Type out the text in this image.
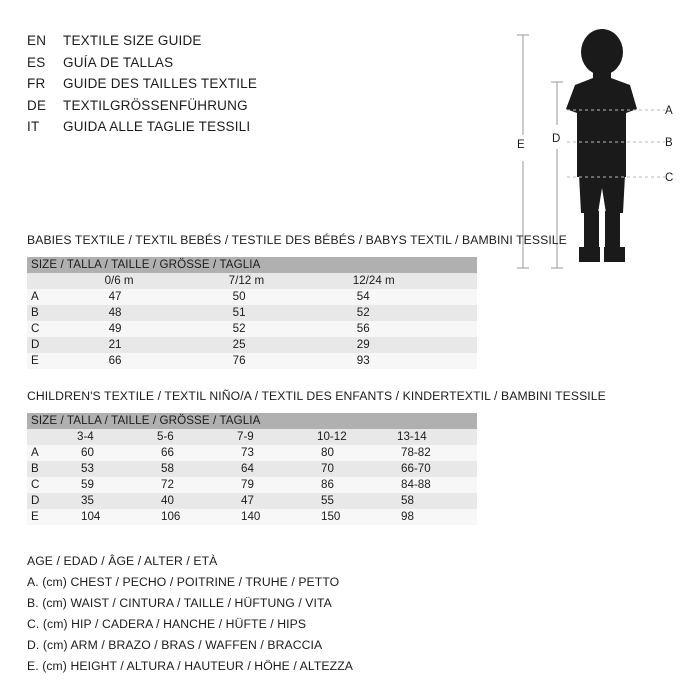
EN	TEXTILE SIZE GUIDE
ES	GUÍA DE TALLAS
FR	GUIDE DES TAILLES TEXTILE
DE	TEXTILGRÖSSENFÜHRUNG
IT	GUIDA ALLE TAGLIE TESSILI
A
B
C
D
E
BABIES TEXTILE / TEXTIL BEBÉS / TESTILE DES BÉBÉS / BABYS TEXTIL / BAMBINI TESSILE
SIZE / TALLA / TAILLE / GRÖSSE / TAGLIA			
	0/6 m	7/12 m	12/24 m
A	47	50	54
B	48	51	52
C	49	52	56
D	21	25	29
E	66	76	93
CHILDREN'S TEXTILE / TEXTIL NIÑO/A / TEXTIL DES ENFANTS / KINDERTEXTIL / BAMBINI TESSILE
SIZE / TALLA / TAILLE / GRÖSSE / TAGLIA					
	3-4	5-6	7-9	10-12	13-14
A	60	66	73	80	78-82
B	53	58	64	70	66-70
C	59	72	79	86	84-88
D	35	40	47	55	58
E	104	106	140	150	98
AGE / EDAD / ÂGE / ALTER / ETÀ
A. (cm) CHEST / PECHO / POITRINE / TRUHE / PETTO
B. (cm) WAIST / CINTURA / TAILLE / HÜFTUNG / VITA
C. (cm) HIP / CADERA / HANCHE / HÜFTE / HIPS
D. (cm) ARM / BRAZO / BRAS / WAFFEN / BRACCIA
E. (cm) HEIGHT / ALTURA / HAUTEUR / HÖHE / ALTEZZA
